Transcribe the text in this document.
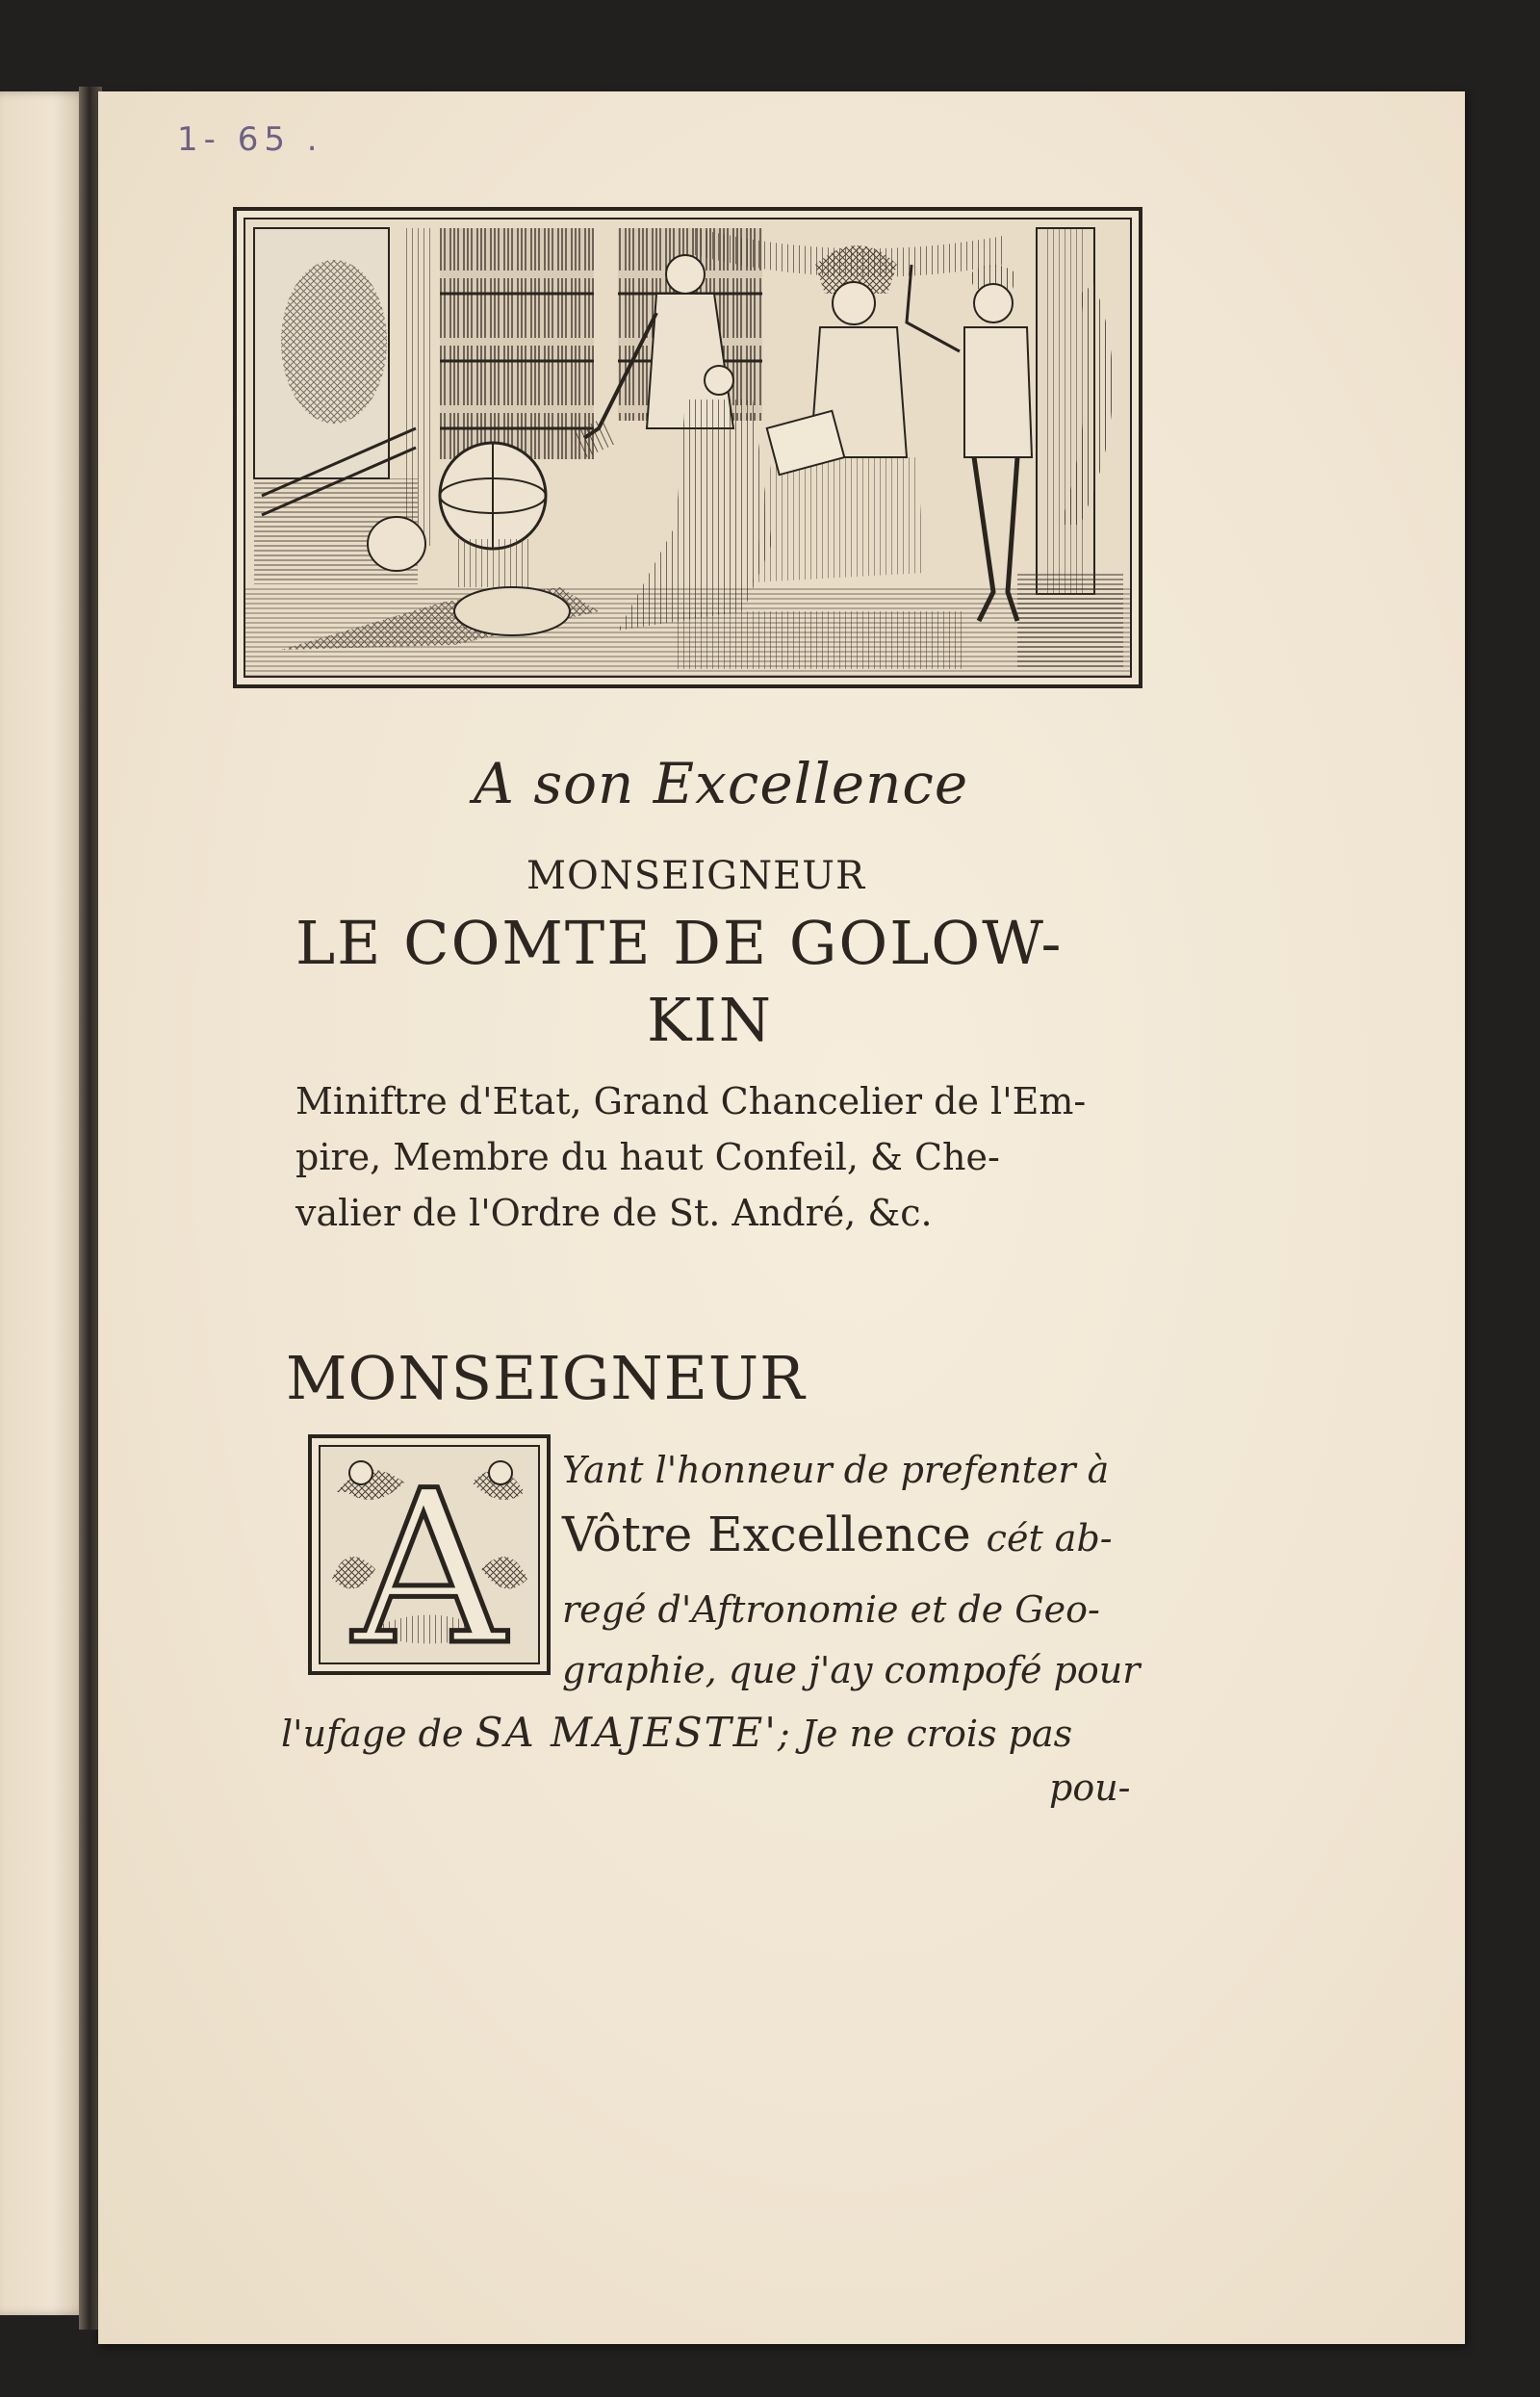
1- 65 .
A son Excellence
MONSEIGNEUR
LE COMTE DE GOLOW-
KIN
Miniftre d'Etat, Grand Chancelier de l'Em-
pire, Membre du haut Confeil, & Che-
valier de l'Ordre de St. André, &c.
MONSEIGNEUR
A Yant l'honneur de prefenter à
Vôtre Excellence cét ab-
regé d'Aftronomie et de Geo-
graphie, que j'ay compofé pour
l'ufage de SA MAJESTE'; Je ne crois pas
pou-
